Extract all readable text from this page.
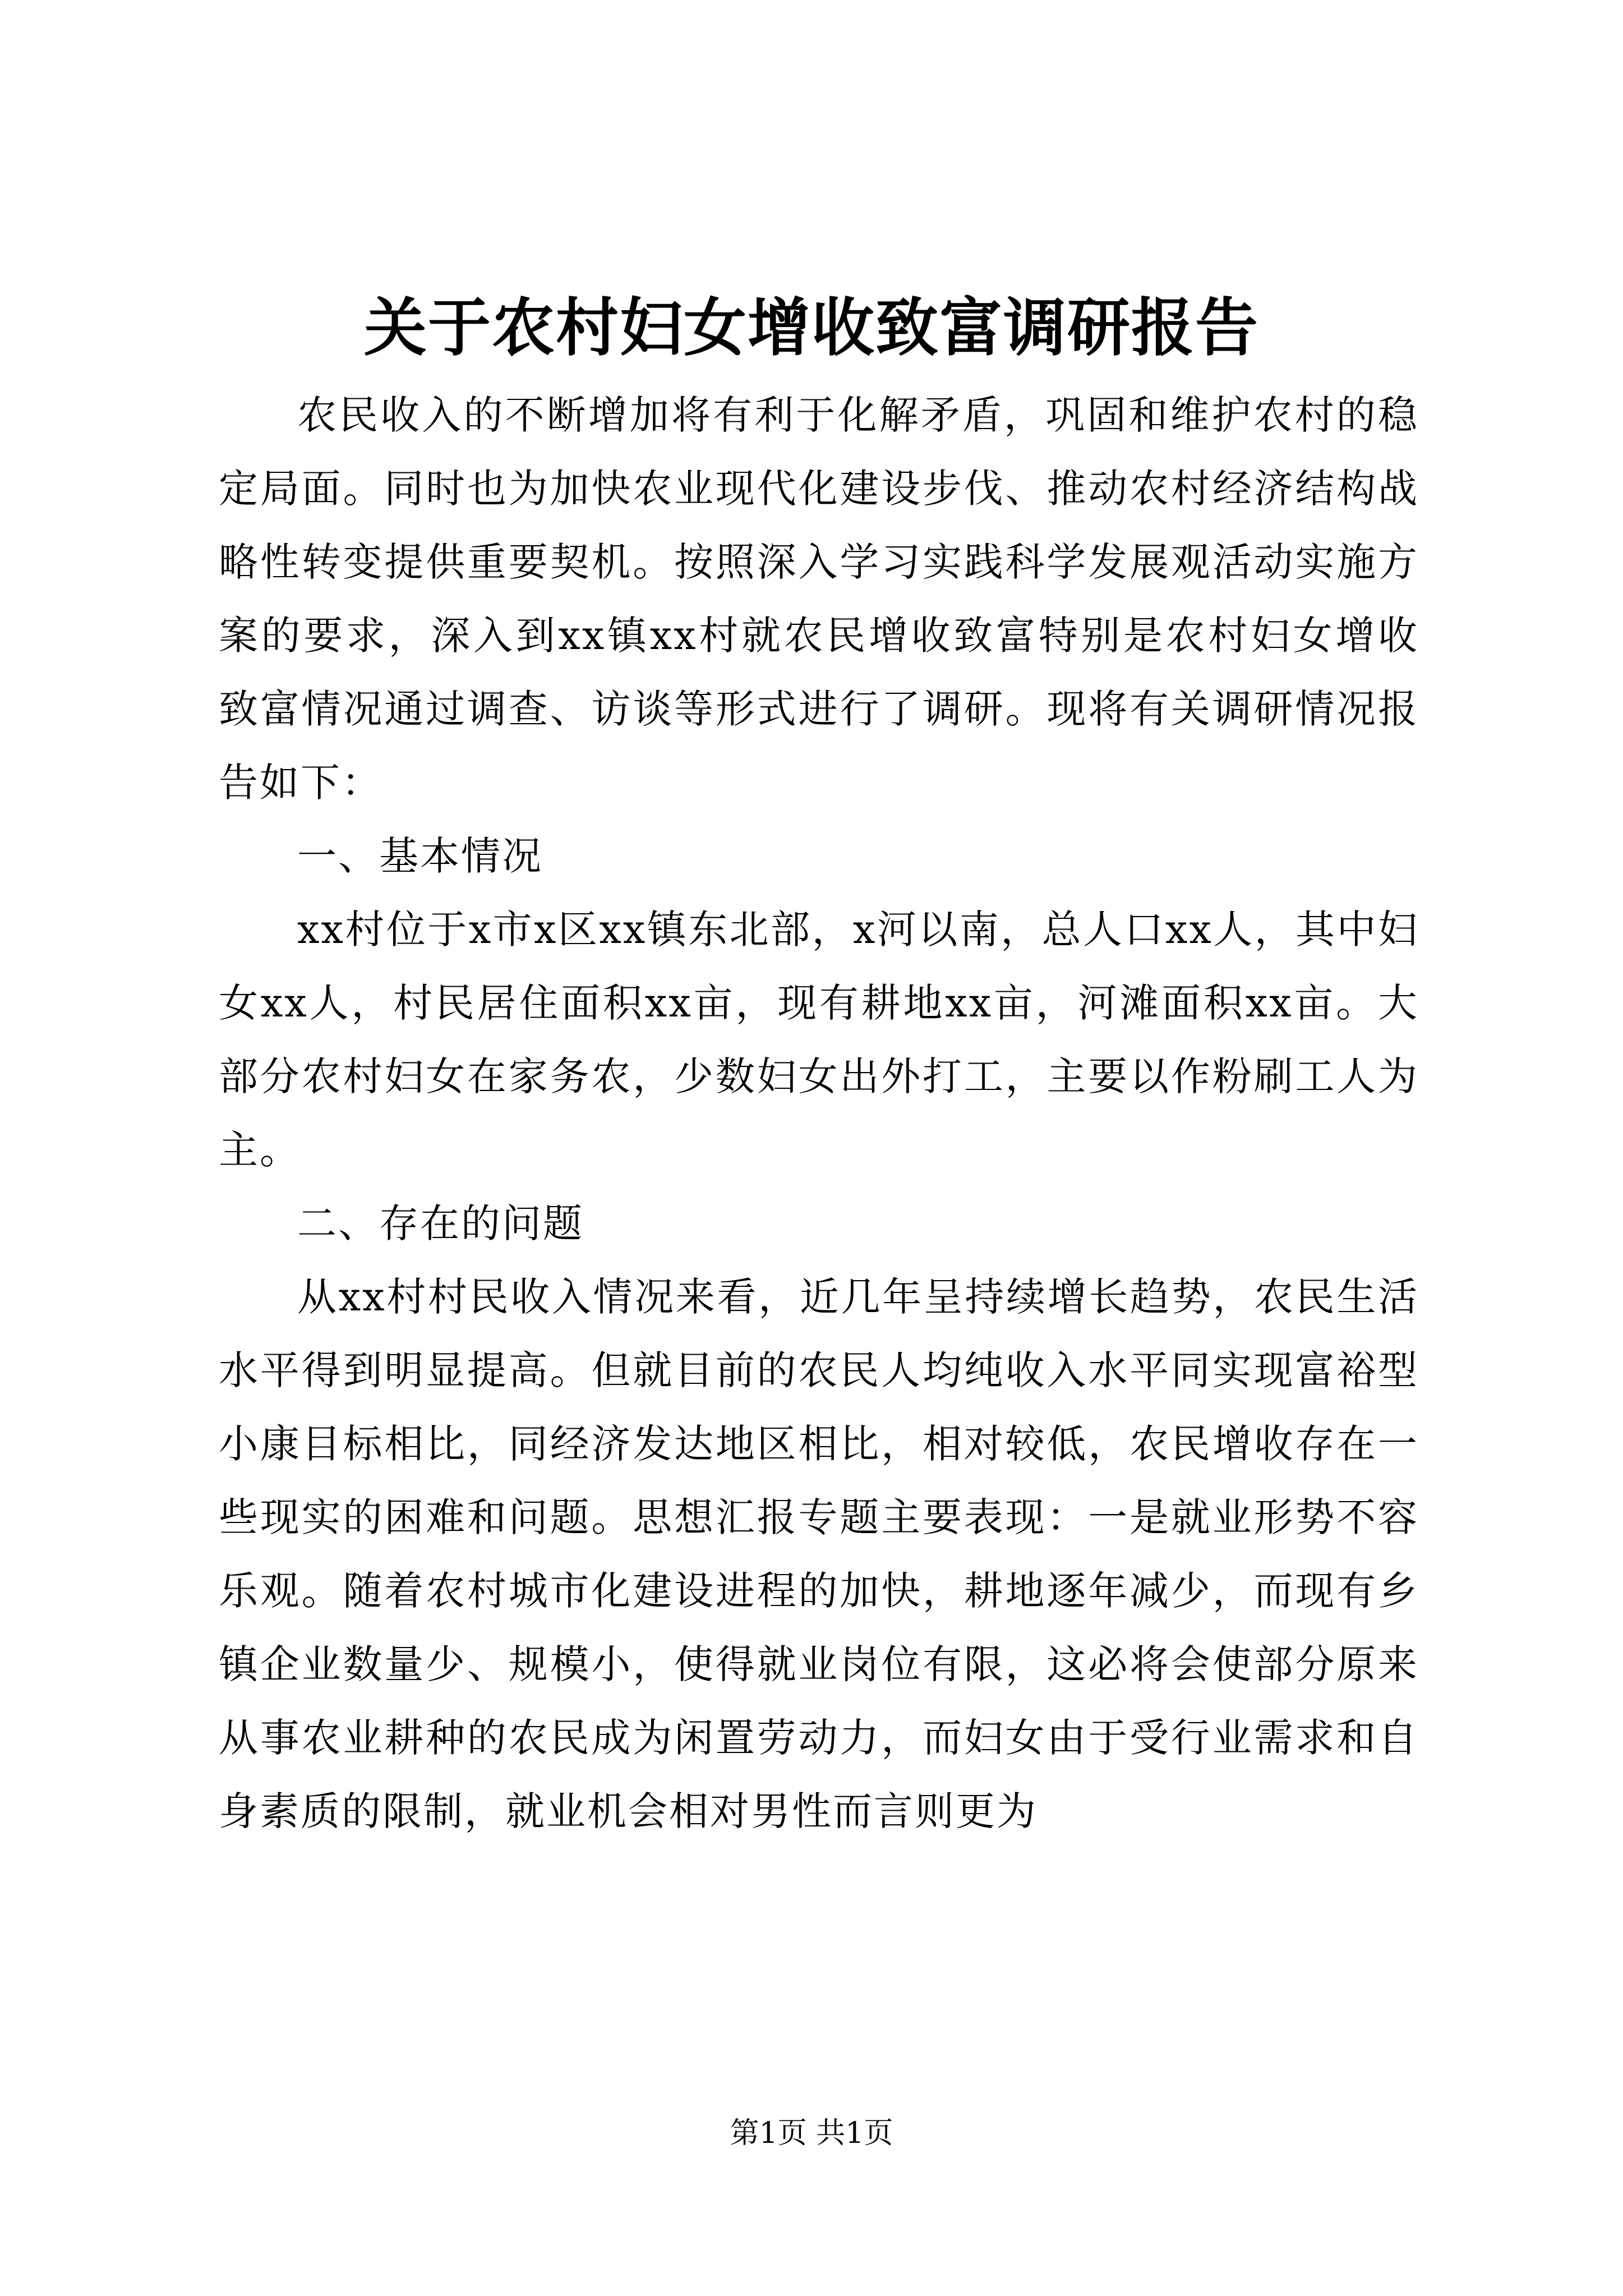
关于农村妇女增收致富调研报告

农民收入的不断增加将有利于化解矛盾，巩固和维护农村的稳定局面。同时也为加快农业现代化建设步伐、推动农村经济结构战略性转变提供重要契机。按照深入学习实践科学发展观活动实施方案的要求，深入到xx镇xx村就农民增收致富特别是农村妇女增收致富情况通过调查、访谈等形式进行了调研。现将有关调研情况报告如下：

一、基本情况

xx村位于x市x区xx镇东北部，x河以南，总人口xx人，其中妇女xx人，村民居住面积xx亩，现有耕地xx亩，河滩面积xx亩。大部分农村妇女在家务农，少数妇女出外打工，主要以作粉刷工人为主。

二、存在的问题

从xx村村民收入情况来看，近几年呈持续增长趋势，农民生活水平得到明显提高。但就目前的农民人均纯收入水平同实现富裕型小康目标相比，同经济发达地区相比，相对较低，农民增收存在一些现实的困难和问题。思想汇报专题主要表现：一是就业形势不容乐观。随着农村城市化建设进程的加快，耕地逐年减少，而现有乡镇企业数量少、规模小，使得就业岗位有限，这必将会使部分原来从事农业耕种的农民成为闲置劳动力，而妇女由于受行业需求和自身素质的限制，就业机会相对男性而言则更为

第1页 共1页
